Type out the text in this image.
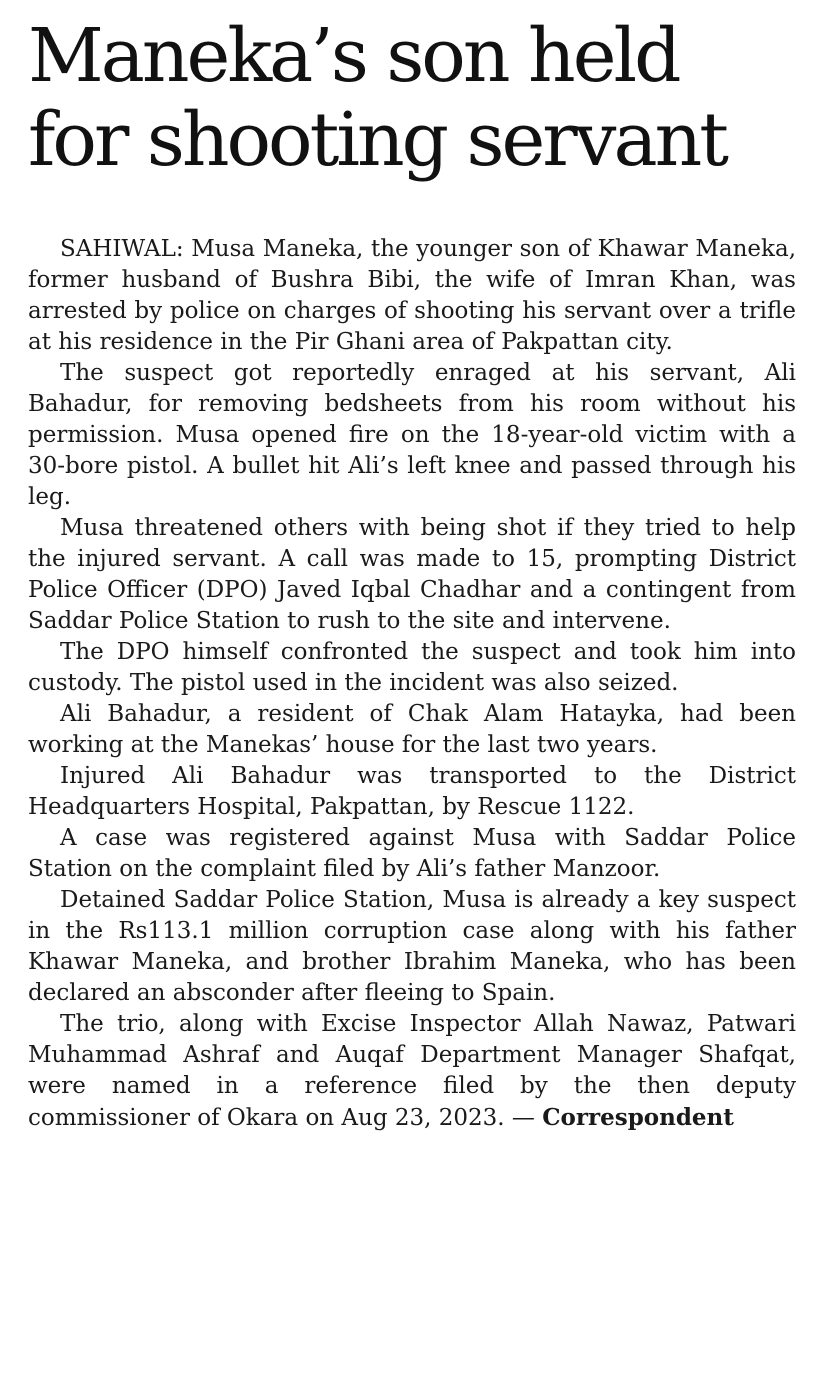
Maneka’s son held for shooting servant

SAHIWAL: Musa Maneka, the younger son of Khawar Maneka, former husband of Bushra Bibi, the wife of Imran Khan, was arrested by police on charges of shooting his servant over a trifle at his residence in the Pir Ghani area of Pakpattan city.

The suspect got reportedly enraged at his servant, Ali Bahadur, for removing bedsheets from his room without his permission. Musa opened fire on the 18-year-old victim with a 30-bore pistol. A bullet hit Ali’s left knee and passed through his leg.

Musa threatened others with being shot if they tried to help the injured servant. A call was made to 15, prompting District Police Officer (DPO) Javed Iqbal Chadhar and a contingent from Saddar Police Station to rush to the site and intervene.

The DPO himself confronted the suspect and took him into custody. The pistol used in the incident was also seized.

Ali Bahadur, a resident of Chak Alam Hatayka, had been working at the Manekas’ house for the last two years.

Injured Ali Bahadur was transported to the District Headquarters Hospital, Pakpattan, by Rescue 1122.

A case was registered against Musa with Saddar Police Station on the complaint filed by Ali’s father Manzoor.

Detained Saddar Police Station, Musa is already a key suspect in the Rs113.1 million corruption case along with his father Khawar Maneka, and brother Ibrahim Maneka, who has been declared an absconder after fleeing to Spain.

The trio, along with Excise Inspector Allah Nawaz, Patwari Muhammad Ashraf and Auqaf Department Manager Shafqat, were named in a reference filed by the then deputy commissioner of Okara on Aug 23, 2023. — Correspondent
